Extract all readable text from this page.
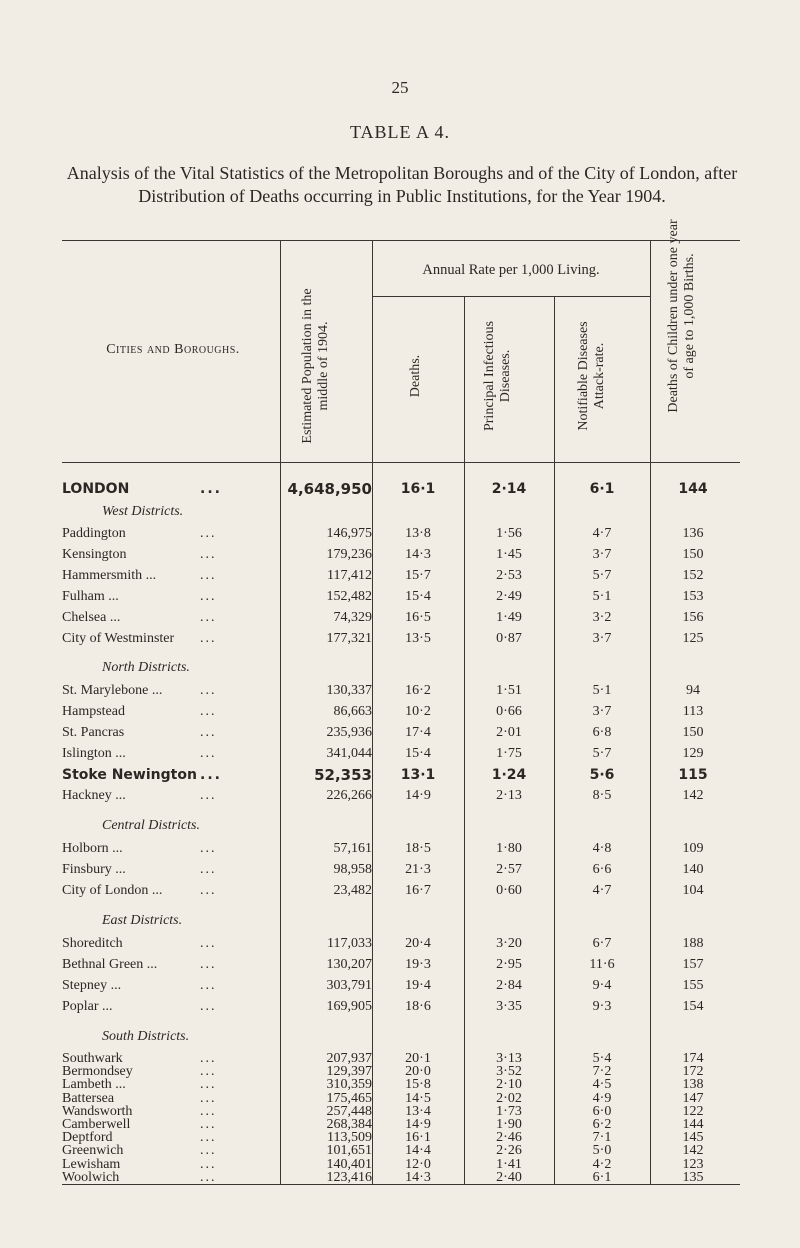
25
TABLE A 4.
Analysis of the Vital Statistics of the Metropolitan Boroughs and of the City of London, after Distribution of Deaths occurring in Public Institutions, for the Year 1904.
Cities and Boroughs.
Annual Rate per 1,000 Living.
Estimated Population in the middle of 1904.	Deaths.	Principal Infectious Diseases.	Notifiable Diseases Attack-rate.	Deaths of Children under one year of age to 1,000 Births.
LONDON	...	4,648,950	16·1	2·14	6·1	144
West Districts.
Paddington	...	146,975	13·8	1·56	4·7	136
Kensington	...	179,236	14·3	1·45	3·7	150
Hammersmith ...	...	117,412	15·7	2·53	5·7	152
Fulham ...	...	152,482	15·4	2·49	5·1	153
Chelsea ...	...	74,329	16·5	1·49	3·2	156
City of Westminster ...	177,321	13·5	0·87	3·7	125
North Districts.
St. Marylebone ...	...	130,337	16·2	1·51	5·1	94
Hampstead	...	86,663	10·2	0·66	3·7	113
St. Pancras	...	235,936	17·4	2·01	6·8	150
Islington ...	...	341,044	15·4	1·75	5·7	129
Stoke Newington ...	52,353	13·1	1·24	5·6	115
Hackney ...	...	226,266	14·9	2·13	8·5	142
Central Districts.
Holborn ...	...	57,161	18·5	1·80	4·8	109
Finsbury ...	...	98,958	21·3	2·57	6·6	140
City of London ...	...	23,482	16·7	0·60	4·7	104
East Districts.
Shoreditch	...	117,033	20·4	3·20	6·7	188
Bethnal Green ...	...	130,207	19·3	2·95	11·6	157
Stepney ...	...	303,791	19·4	2·84	9·4	155
Poplar ...	...	169,905	18·6	3·35	9·3	154
South Districts.
Southwark	...	207,937	20·1	3·13	5·4	174
Bermondsey	...	129,397	20·0	3·52	7·2	172
Lambeth ...	...	310,359	15·8	2·10	4·5	138
Battersea	...	175,465	14·5	2·02	4·9	147
Wandsworth	...	257,448	13·4	1·73	6·0	122
Camberwell	...	268,384	14·9	1·90	6·2	144
Deptford	...	113,509	16·1	2·46	7·1	145
Greenwich	...	101,651	14·4	2·26	5·0	142
Lewisham	...	140,401	12·0	1·41	4·2	123
Woolwich	...	123,416	14·3	2·40	6·1	135
